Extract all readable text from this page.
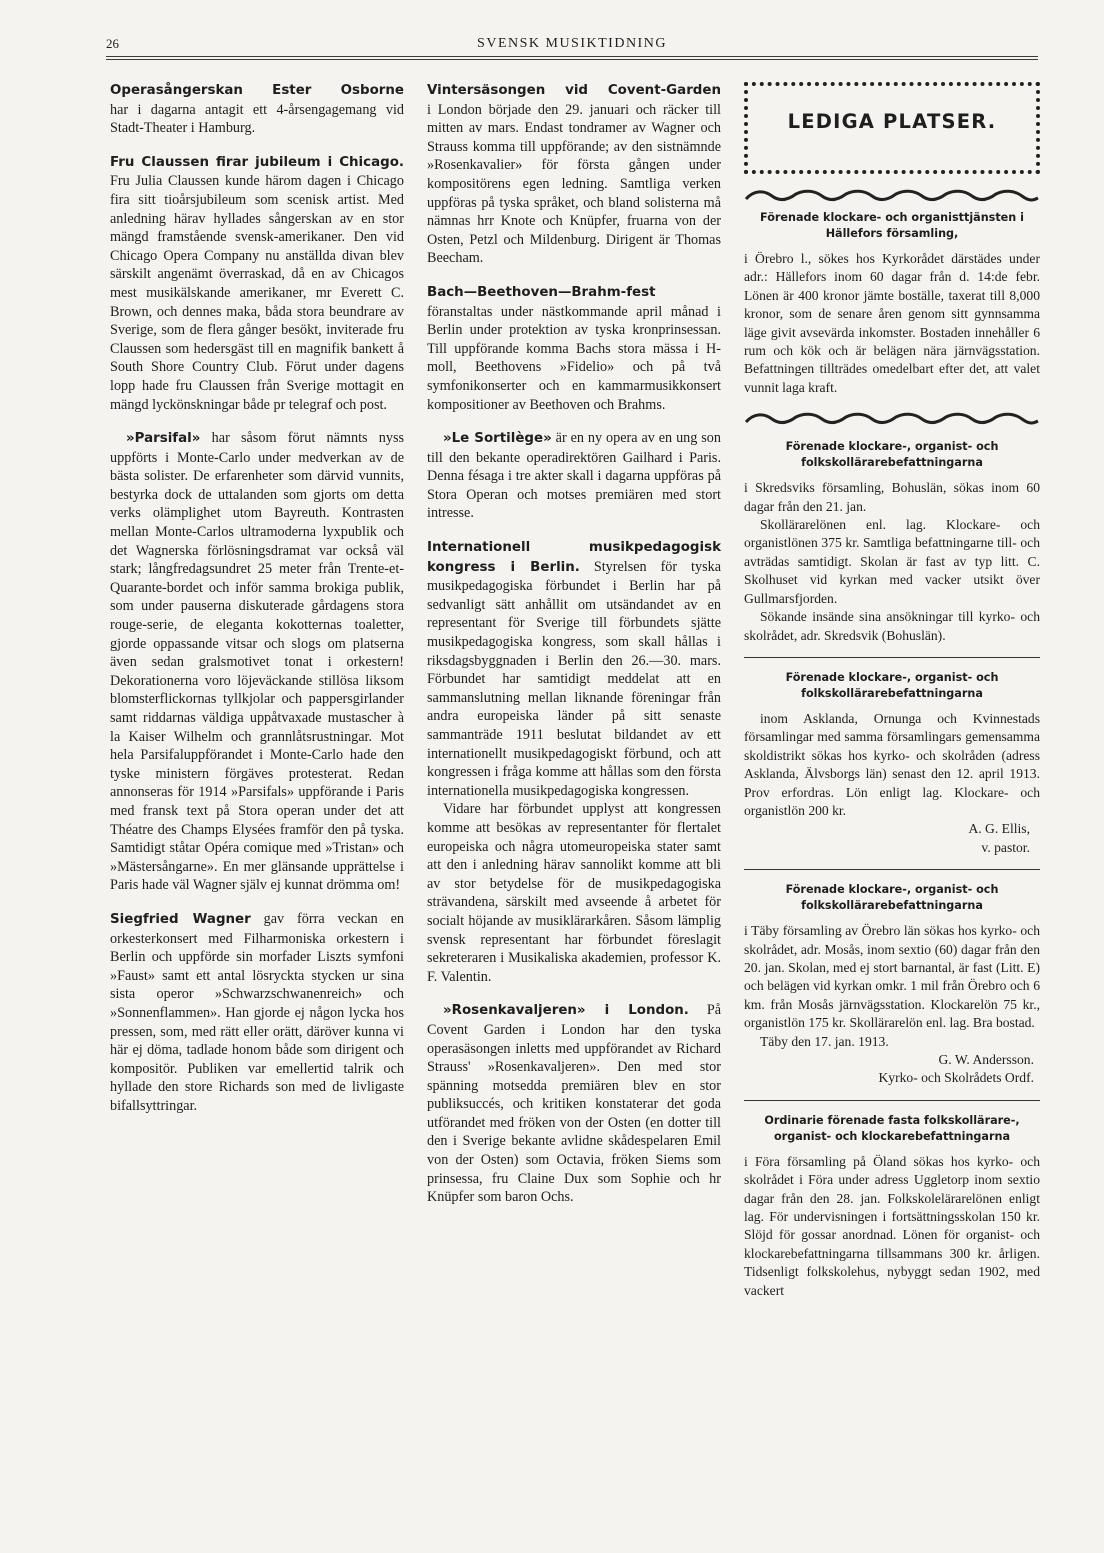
26	SVENSK MUSIKTIDNING

Operasångerskan Ester Osborne
har i dagarna antagit ett 4-årsengagemang vid Stadt-Theater i Hamburg.

Fru Claussen firar jubileum i Chicago. Fru Julia Claussen kunde härom dagen i Chicago fira sitt tioårsjubileum som scenisk artist. Med anledning härav hyllades sångerskan av en stor mängd framstående svensk-amerikaner. Den vid Chicago Opera Company nu anställda divan blev särskilt angenämt överraskad, då en av Chicagos mest musikälskande amerikaner, mr Everett C. Brown, och dennes maka, båda stora beundrare av Sverige, som de flera gånger besökt, inviterade fru Claussen som hedersgäst till en magnifik bankett å South Shore Country Club. Förut under dagens lopp hade fru Claussen från Sverige mottagit en mängd lyckönskningar både pr telegraf och post.

»Parsifal» har såsom förut nämnts nyss uppförts i Monte-Carlo under medverkan av de bästa solister. De erfarenheter som därvid vunnits, bestyrka dock de uttalanden som gjorts om detta verks olämplighet utom Bayreuth. Kontrasten mellan Monte-Carlos ultramoderna lyxpublik och det Wagnerska förlösningsdramat var också väl stark; långfredagsundret 25 meter från Trente-et-Quarante-bordet och inför samma brokiga publik, som under pauserna diskuterade gårdagens stora rouge-serie, de eleganta kokotternas toaletter, gjorde oppassande vitsar och slogs om platserna även sedan gralsmotivet tonat i orkestern! Dekorationerna voro löjeväckande stillösa liksom blomsterflickornas tyllkjolar och pappersgirlander samt riddarnas väldiga uppåtvaxade mustascher à la Kaiser Wilhelm och grannlåtsrustningar. Mot hela Parsifaluppförandet i Monte-Carlo hade den tyske ministern förgäves protesterat. Redan annonseras för 1914 »Parsifals» uppförande i Paris med fransk text på Stora operan under det att Théatre des Champs Elysées framför den på tyska. Samtidigt ståtar Opéra comique med »Tristan» och »Mästersångarne». En mer glänsande upprättelse i Paris hade väl Wagner själv ej kunnat drömma om!

Siegfried Wagner gav förra veckan en orkesterkonsert med Filharmoniska orkestern i Berlin och uppförde sin morfader Liszts symfoni »Faust» samt ett antal lösryckta stycken ur sina sista operor »Schwarzschwanenreich» och »Sonnenflammen». Han gjorde ej någon lycka hos pressen, som, med rätt eller orätt, däröver kunna vi här ej döma, tadlade honom både som dirigent och kompositör. Publiken var emellertid talrik och hyllade den store Richards son med de livligaste bifallsyttringar.

Vintersäsongen vid Covent-Garden
i London började den 29. januari och räcker till mitten av mars. Endast tondramer av Wagner och Strauss komma till uppförande; av den sistnämnde »Rosenkavalier» för första gången under kompositörens egen ledning. Samtliga verken uppföras på tyska språket, och bland solisterna må nämnas hrr Knote och Knüpfer, fruarna von der Osten, Petzl och Mildenburg. Dirigent är Thomas Beecham.

Bach—Beethoven—Brahm-fest föranstaltas under nästkommande april månad i Berlin under protektion av tyska kronprinsessan. Till uppförande komma Bachs stora mässa i H-moll, Beethovens »Fidelio» och på två symfonikonserter och en kammarmusikkonsert kompositioner av Beethoven och Brahms.

»Le Sortilège» är en ny opera av en ung son till den bekante operadirektören Gailhard i Paris. Denna fésaga i tre akter skall i dagarna uppföras på Stora Operan och motses premiären med stort intresse.

Internationell musikpedagogisk kongress i Berlin. Styrelsen för tyska musikpedagogiska förbundet i Berlin har på sedvanligt sätt anhållit om utsändandet av en representant för Sverige till förbundets sjätte musikpedagogiska kongress, som skall hållas i riksdagsbyggnaden i Berlin den 26.—30. mars. Förbundet har samtidigt meddelat att en sammanslutning mellan liknande föreningar från andra europeiska länder på sitt senaste sammanträde 1911 beslutat bildandet av ett internationellt musikpedagogiskt förbund, och att kongressen i fråga komme att hållas som den första internationella musikpedagogiska kongressen.

Vidare har förbundet upplyst att kongressen komme att besökas av representanter för flertalet europeiska och några utomeuropeiska stater samt att den i anledning härav sannolikt komme att bli av stor betydelse för de musikpedagogiska strävandena, särskilt med avseende å arbetet för socialt höjande av musiklärarkåren. Såsom lämplig svensk representant har förbundet föreslagit sekreteraren i Musikaliska akademien, professor K. F. Valentin.

»Rosenkavaljeren» i London. På Covent Garden i London har den tyska operasäsongen inletts med uppförandet av Richard Strauss' »Rosenkavaljeren». Den med stor spänning motsedda premiären blev en stor publiksuccés, och kritiken konstaterar det goda utförandet med fröken von der Osten (en dotter till den i Sverige bekante avlidne skådespelaren Emil von der Osten) som Octavia, fröken Siems som prinsessa, fru Claine Dux som Sophie och hr Knüpfer som baron Ochs.

LEDIGA PLATSER.
Förenade klockare- och organisttjänsten i Hällefors församling,

i Örebro l., sökes hos Kyrkorådet därstädes under adr.: Hällefors inom 60 dagar från d. 14:de febr. Lönen är 400 kronor jämte boställe, taxerat till 8,000 kronor, som de senare åren genom sitt gynnsamma läge givit avsevärda inkomster. Bostaden innehåller 6 rum och kök och är belägen nära järnvägsstation. Befattningen tillträdes omedelbart efter det, att valet vunnit laga kraft.

Förenade klockare-, organist- och folkskollärarebefattningarna

i Skredsviks församling, Bohuslän, sökas inom 60 dagar från den 21. jan.

Skollärarelönen enl. lag. Klockare- och organistlönen 375 kr. Samtliga befattningarne till- och avträdas samtidigt. Skolan är fast av typ litt. C. Skolhuset vid kyrkan med vacker utsikt över Gullmarsfjorden.

Sökande insände sina ansökningar till kyrko- och skolrådet, adr. Skredsvik (Bohuslän).

Förenade klockare-, organist- och folkskollärarebefattningarna

inom Asklanda, Ornunga och Kvinnestads församlingar med samma församlingars gemensamma skoldistrikt sökas hos kyrko- och skolråden (adress Asklanda, Älvsborgs län) senast den 12. april 1913. Prov erfordras. Lön enligt lag. Klockare- och organistlön 200 kr.

A. G. Ellis,

v. pastor.

Förenade klockare-, organist- och folkskollärarebefattningarna

i Täby församling av Örebro län sökas hos kyrko- och skolrådet, adr. Mosås, inom sextio (60) dagar från den 20. jan. Skolan, med ej stort barnantal, är fast (Litt. E) och belägen vid kyrkan omkr. 1 mil från Örebro och 6 km. från Mosås järnvägsstation. Klockarelön 75 kr., organistlön 175 kr. Skollärarelön enl. lag. Bra bostad.

Täby den 17. jan. 1913.

G. W. Andersson.

Kyrko- och Skolrådets Ordf.

Ordinarie förenade fasta folkskollärare-, organist- och klockarebefattningarna

i Föra församling på Öland sökas hos kyrko- och skolrådet i Föra under adress Uggletorp inom sextio dagar från den 28. jan. Folkskolelärarelönen enligt lag. För undervisningen i fortsättningsskolan 150 kr. Slöjd för gossar anordnad. Lönen för organist- och klockarebefattningarna tillsammans 300 kr. årligen. Tidsenligt folkskolehus, nybyggt sedan 1902, med vackert
